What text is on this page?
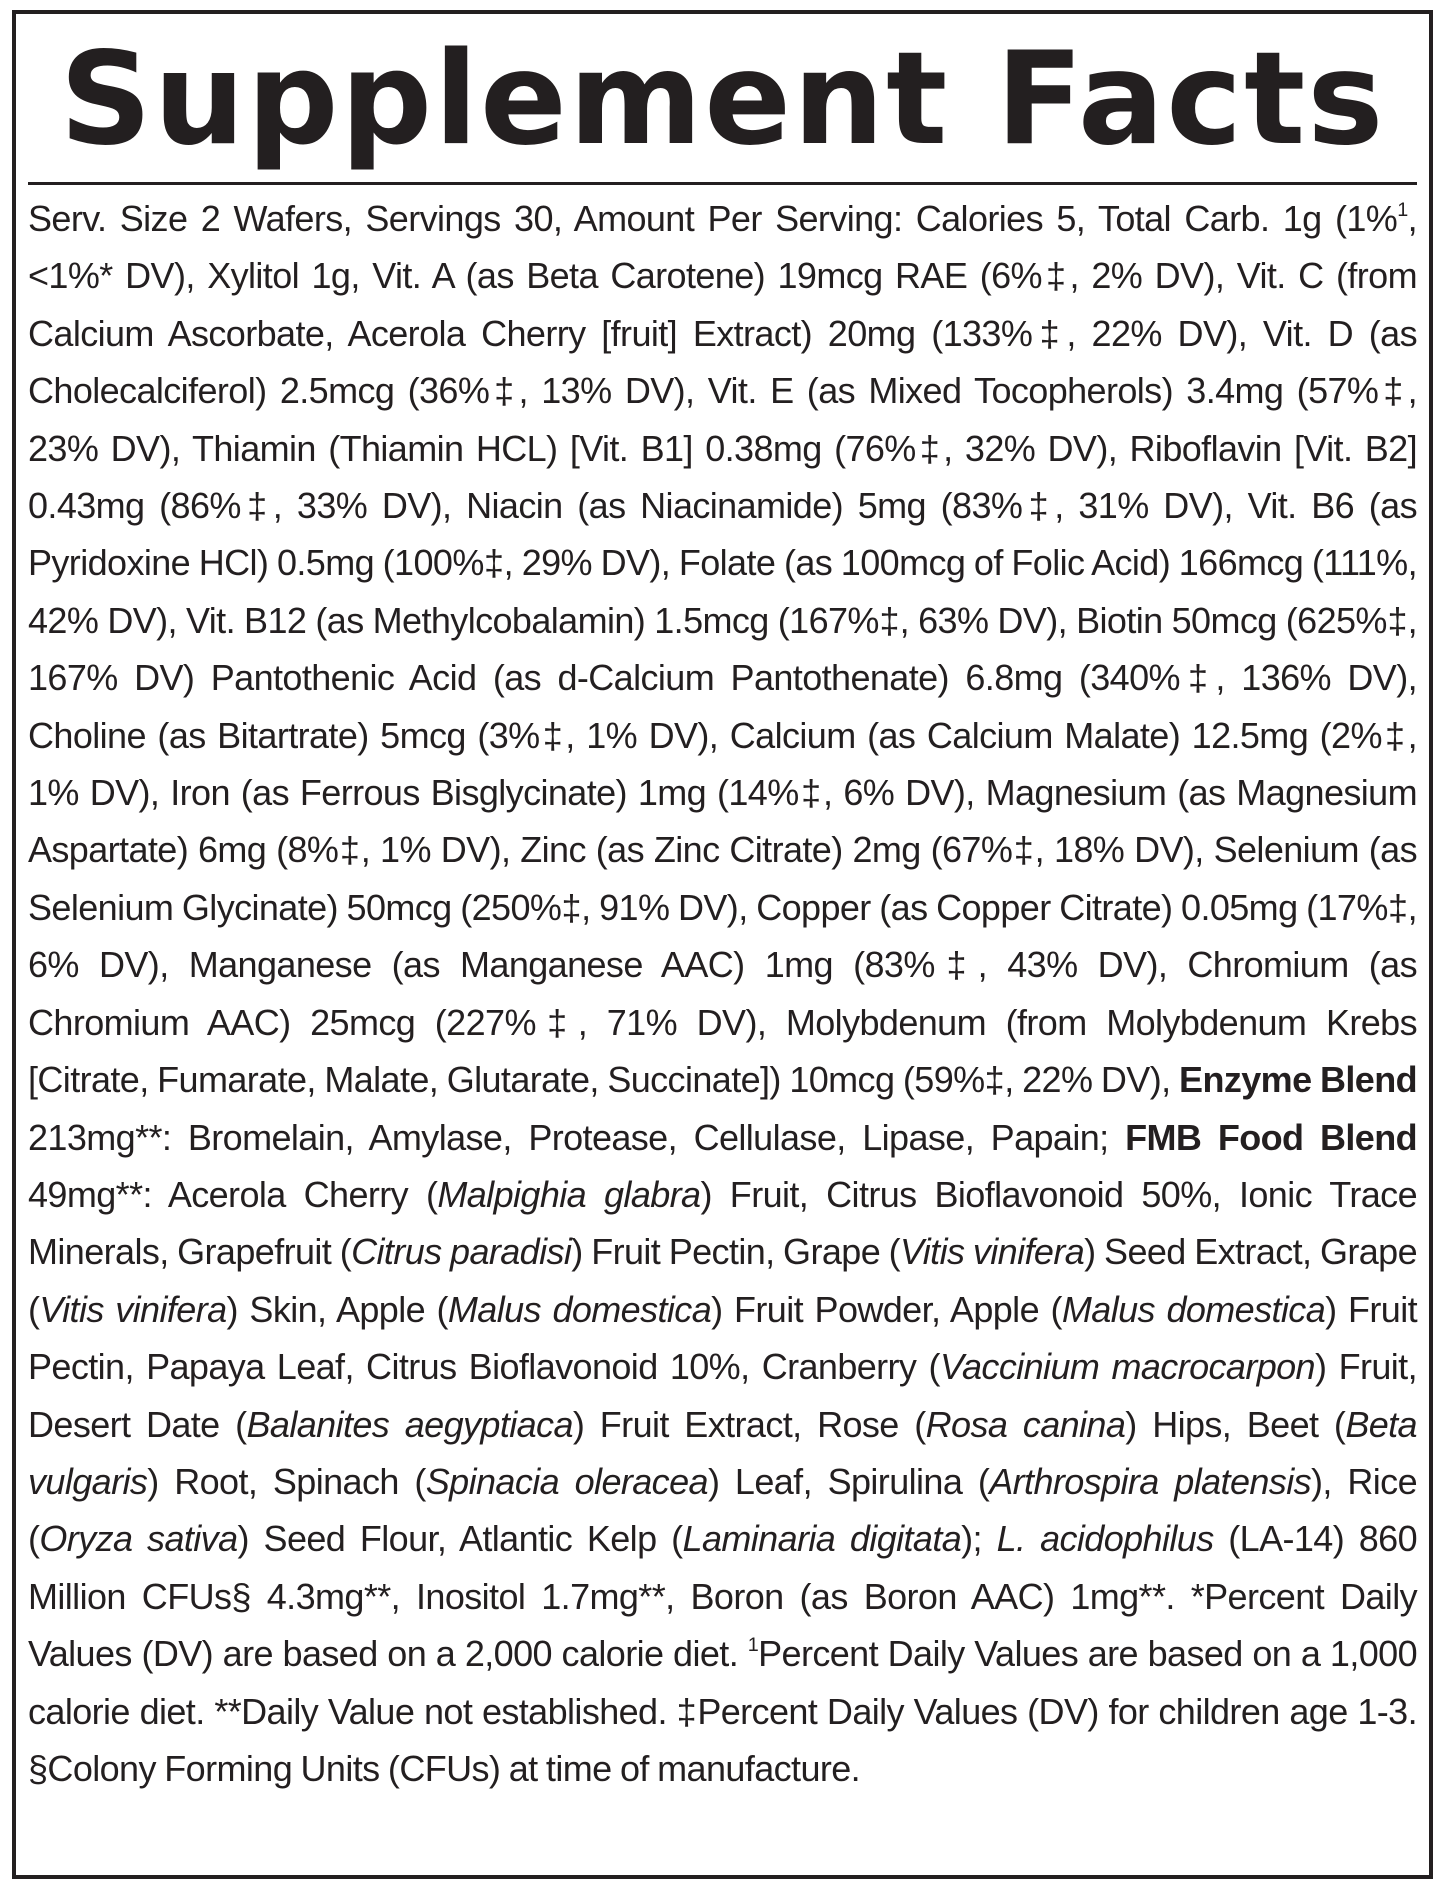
Supplement Facts

Serv. Size 2 Wafers, Servings 30, Amount Per Serving: Calories 5, Total Carb. 1g (1%$^1$, <1%* DV), Xylitol 1g, Vit. A (as Beta Carotene) 19mcg RAE (6%‡, 2% DV), Vit. C (from Calcium Ascorbate, Acerola Cherry [fruit] Extract) 20mg (133%‡, 22% DV), Vit. D (as Cholecalciferol) 2.5mcg (36%‡, 13% DV), Vit. E (as Mixed Tocopherols) 3.4mg (57%‡, 23% DV), Thiamin (Thiamin HCL) [Vit. B1] 0.38mg (76%‡, 32% DV), Riboflavin [Vit. B2] 0.43mg (86%‡, 33% DV), Niacin (as Niacinamide) 5mg (83%‡, 31% DV), Vit. B6 (as Pyridoxine HCl) 0.5mg (100%‡, 29% DV), Folate (as 100mcg of Folic Acid) 166mcg (111%, 42% DV), Vit. B12 (as Methylcobalamin) 1.5mcg (167%‡, 63% DV), Biotin 50mcg (625%‡, 167% DV) Pantothenic Acid (as d-Calcium Pantothenate) 6.8mg (340%‡, 136% DV), Choline (as Bitartrate) 5mcg (3%‡, 1% DV), Calcium (as Calcium Malate) 12.5mg (2%‡, 1% DV), Iron (as Ferrous Bisglycinate) 1mg (14%‡, 6% DV), Magnesium (as Magnesium Aspartate) 6mg (8%‡, 1% DV), Zinc (as Zinc Citrate) 2mg (67%‡, 18% DV), Selenium (as Selenium Glycinate) 50mcg (250%‡, 91% DV), Copper (as Copper Citrate) 0.05mg (17%‡, 6% DV), Manganese (as Manganese AAC) 1mg (83%‡, 43% DV), Chromium (as Chromium AAC) 25mcg (227%‡, 71% DV), Molybdenum (from Molybdenum Krebs [Citrate, Fumarate, Malate, Glutarate, Succinate]) 10mcg (59%‡, 22% DV), Enzyme Blend 213mg**: Bromelain, Amylase, Protease, Cellulase, Lipase, Papain; FMB Food Blend 49mg**: Acerola Cherry (Malpighia glabra) Fruit, Citrus Bioflavonoid 50%, Ionic Trace Minerals, Grapefruit (Citrus paradisi) Fruit Pectin, Grape (Vitis vinifera) Seed Extract, Grape (Vitis vinifera) Skin, Apple (Malus domestica) Fruit Powder, Apple (Malus domestica) Fruit Pectin, Papaya Leaf, Citrus Bioflavonoid 10%, Cranberry (Vaccinium macrocarpon) Fruit, Desert Date (Balanites aegyptiaca) Fruit Extract, Rose (Rosa canina) Hips, Beet (Beta vulgaris) Root, Spinach (Spinacia oleracea) Leaf, Spirulina (Arthrospira platensis), Rice (Oryza sativa) Seed Flour, Atlantic Kelp (Laminaria digitata); L. acidophilus (LA-14) 860 Million CFUs§ 4.3mg**, Inositol 1.7mg**, Boron (as Boron AAC) 1mg**. *Percent Daily Values (DV) are based on a 2,000 calorie diet. $^1$Percent Daily Values are based on a 1,000 calorie diet. **Daily Value not established. ‡Percent Daily Values (DV) for children age 1-3. §Colony Forming Units (CFUs) at time of manufacture.
